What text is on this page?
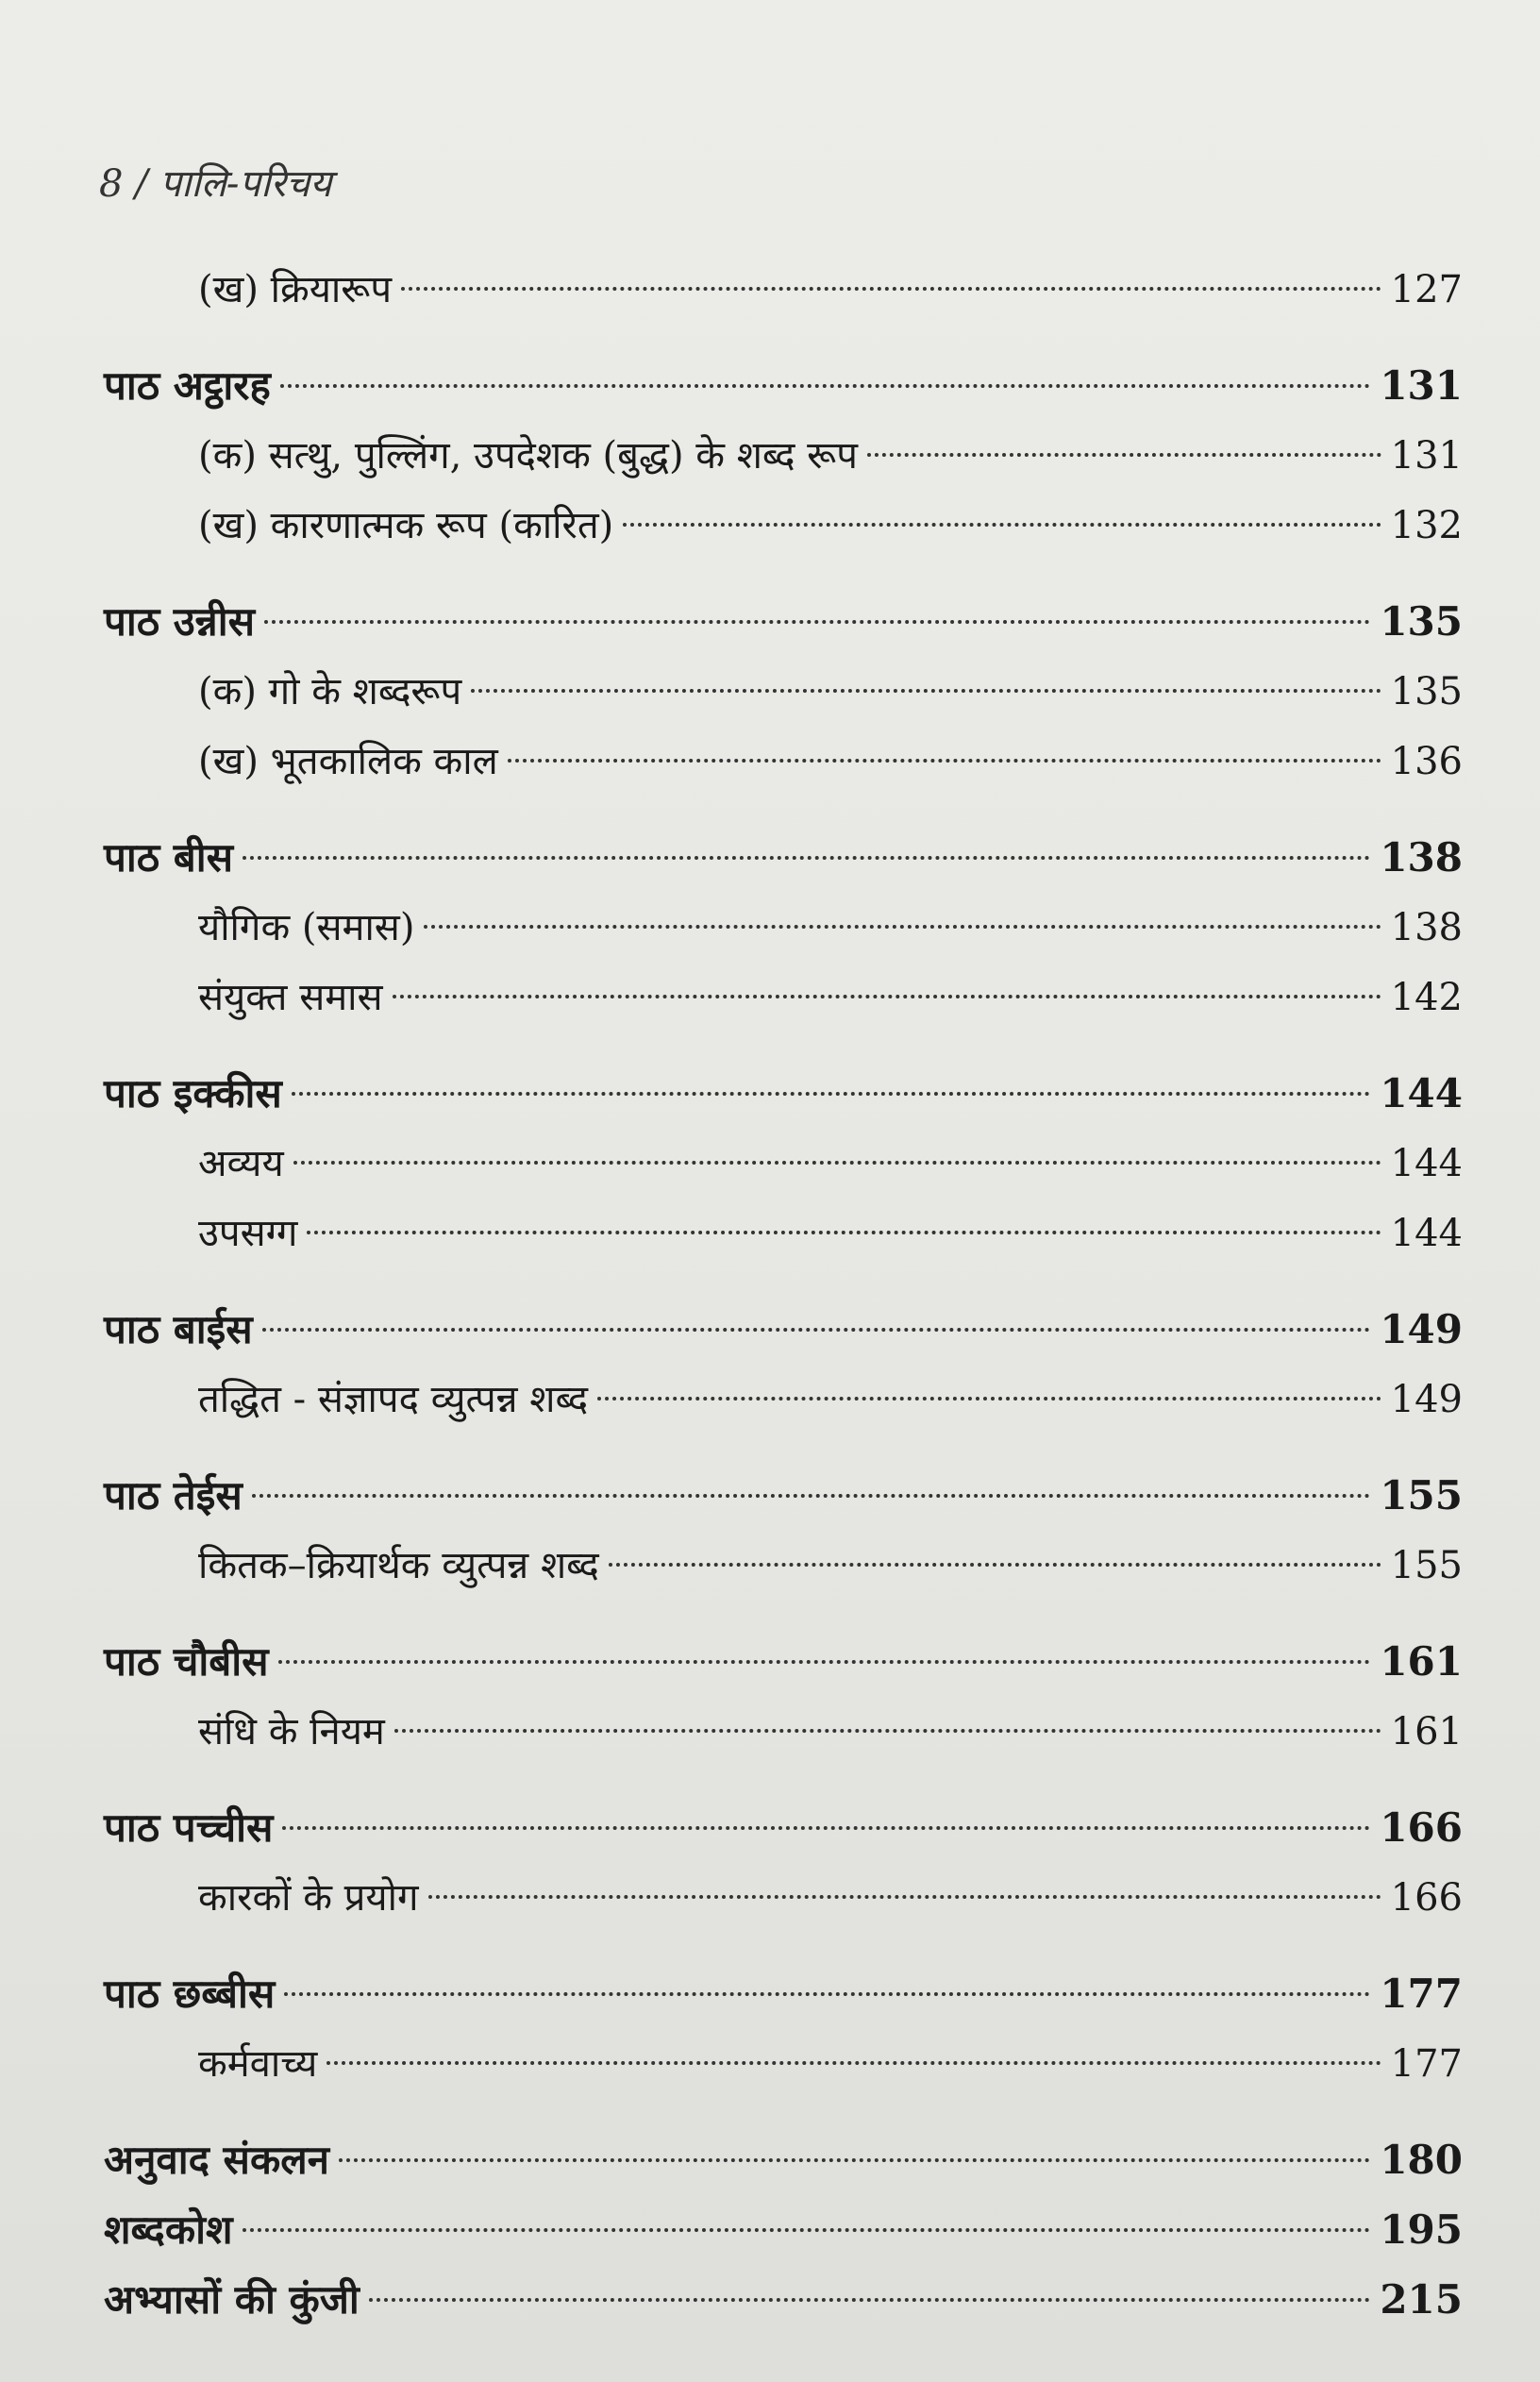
8 / पालि-परिचय
(ख) क्रियारूप	127
पाठ अट्ठारह	131
(क) सत्थु, पुल्लिंग, उपदेशक (बुद्ध) के शब्द रूप	131
(ख) कारणात्मक रूप (कारित)	132
पाठ उन्नीस	135
(क) गो के शब्दरूप	135
(ख) भूतकालिक काल	136
पाठ बीस	138
यौगिक (समास)	138
संयुक्त समास	142
पाठ इक्कीस	144
अव्यय	144
उपसग्ग	144
पाठ बाईस	149
तद्धित - संज्ञापद व्युत्पन्न शब्द	149
पाठ तेईस	155
कितक–क्रियार्थक व्युत्पन्न शब्द	155
पाठ चौबीस	161
संधि के नियम	161
पाठ पच्चीस	166
कारकों के प्रयोग	166
पाठ छब्बीस	177
कर्मवाच्य	177
अनुवाद संकलन	180
शब्दकोश	195
अभ्यासों की कुंजी	215
